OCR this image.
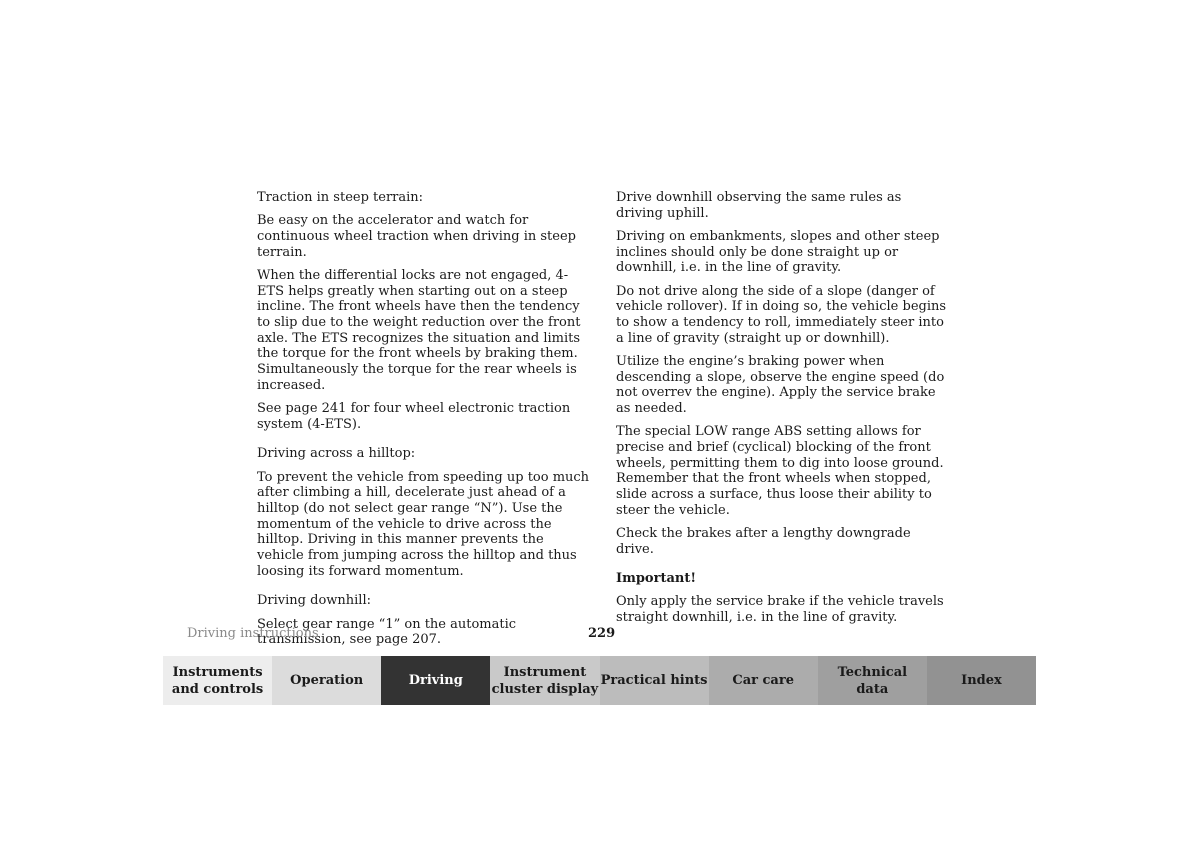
Traction in steep terrain:

Be easy on the accelerator and watch for continuous wheel traction when driving in steep terrain.

When the differential locks are not engaged, 4-ETS helps greatly when starting out on a steep incline. The front wheels have then the tendency to slip due to the weight reduction over the front axle. The ETS recognizes the situation and limits the torque for the front wheels by braking them. Simultaneously the torque for the rear wheels is increased.

See page 241 for four wheel electronic traction system (4-ETS).

Driving across a hilltop:

To prevent the vehicle from speeding up too much after climbing a hill, decelerate just ahead of a hilltop (do not select gear range “N”). Use the momentum of the vehicle to drive across the hilltop. Driving in this manner prevents the vehicle from jumping across the hilltop and thus loosing its forward momentum.

Driving downhill:

Select gear range “1” on the automatic transmission, see page 207.

Drive downhill observing the same rules as driving uphill.

Driving on embankments, slopes and other steep inclines should only be done straight up or downhill, i.e. in the line of gravity.

Do not drive along the side of a slope (danger of vehicle rollover). If in doing so, the vehicle begins to show a tendency to roll, immediately steer into a line of gravity (straight up or downhill).

Utilize the engine’s braking power when descending a slope, observe the engine speed (do not overrev the engine). Apply the service brake as needed.

The special LOW range ABS setting allows for precise and brief (cyclical) blocking of the front wheels, permitting them to dig into loose ground. Remember that the front wheels when stopped, slide across a surface, thus loose their ability to steer the vehicle.

Check the brakes after a lengthy downgrade drive.

Important!

Only apply the service brake if the vehicle travels straight downhill, i.e. in the line of gravity.

Driving instructions	229
Instruments
and controls
Operation	Driving
Instrument
cluster display
Practical hints	Car care
Technical
data
Index
